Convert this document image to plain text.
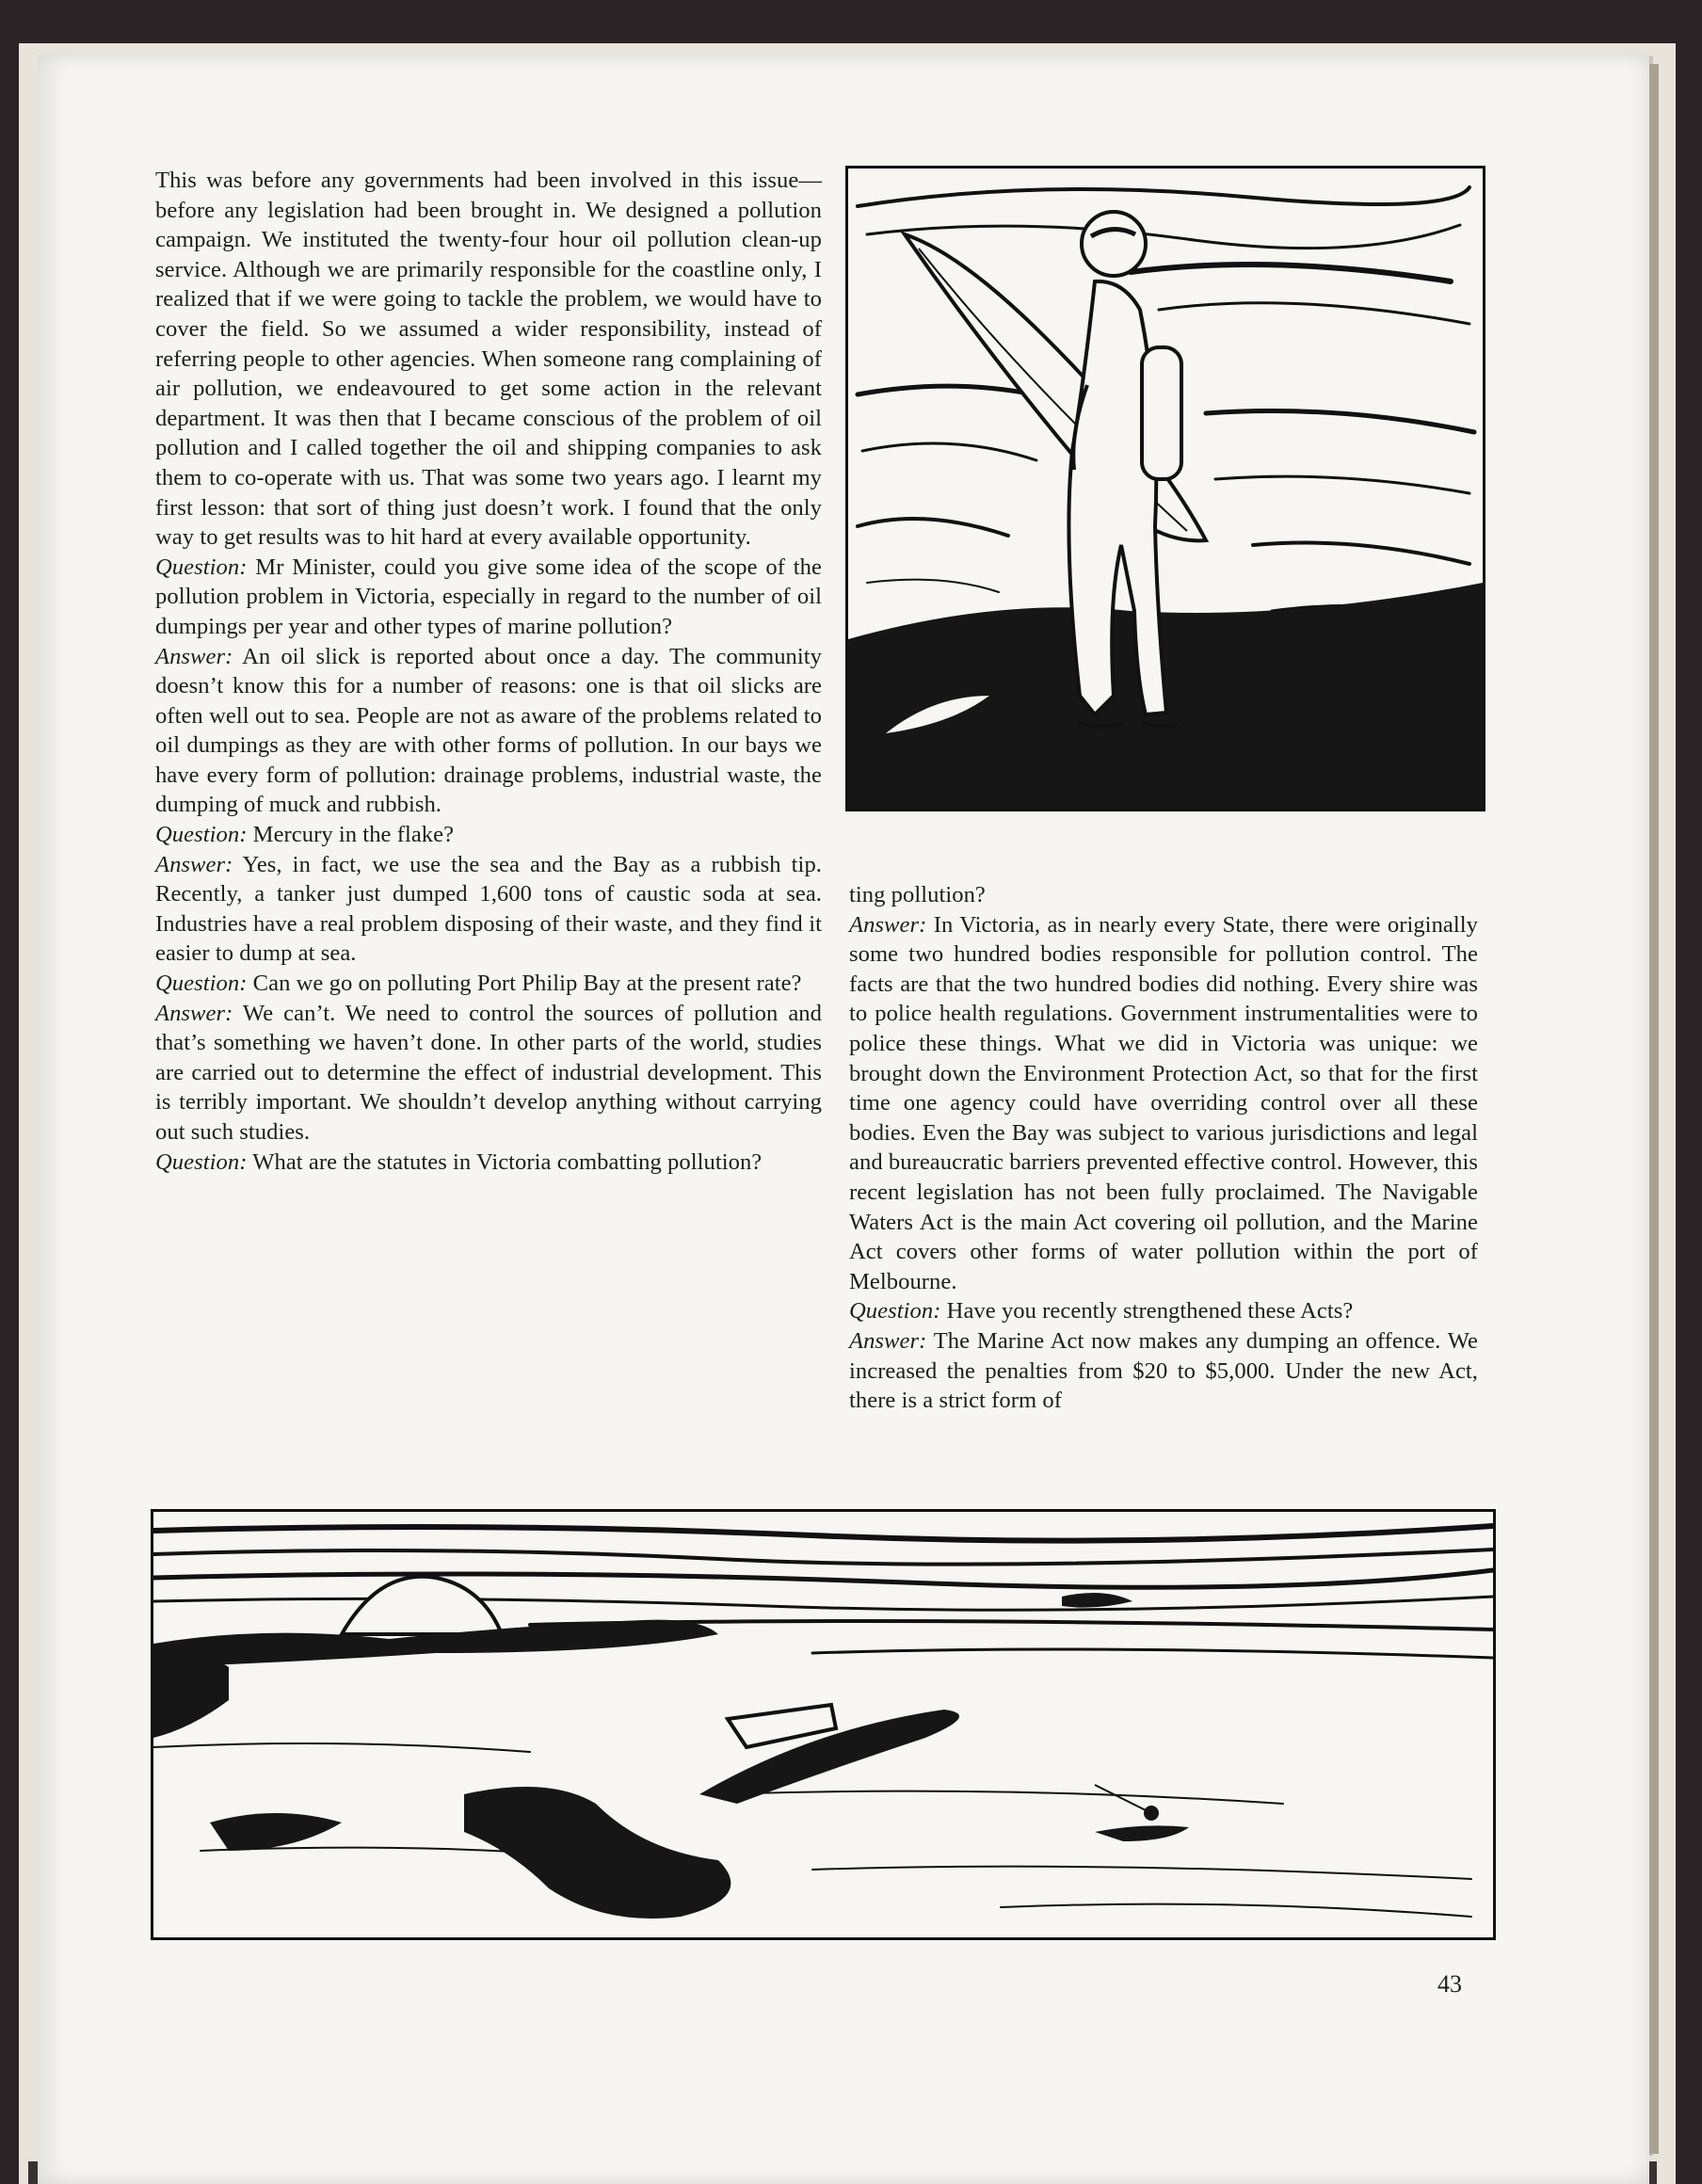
This was before any governments had been involved in this issue—before any legislation had been brought in. We designed a pollution campaign. We instituted the twenty-four hour oil pollution clean-up service. Although we are primarily responsible for the coastline only, I realized that if we were going to tackle the problem, we would have to cover the field. So we assumed a wider responsibility, instead of referring people to other agencies. When someone rang complaining of air pollution, we endeavoured to get some action in the relevant department. It was then that I became conscious of the problem of oil pollution and I called together the oil and shipping companies to ask them to co-operate with us. That was some two years ago. I learnt my first lesson: that sort of thing just doesn’t work. I found that the only way to get results was to hit hard at every available opportunity.

Question: Mr Minister, could you give some idea of the scope of the pollution problem in Victoria, especially in regard to the number of oil dumpings per year and other types of marine pollution?

Answer: An oil slick is reported about once a day. The community doesn’t know this for a number of reasons: one is that oil slicks are often well out to sea. People are not as aware of the problems related to oil dumpings as they are with other forms of pollution. In our bays we have every form of pollution: drainage problems, industrial waste, the dumping of muck and rubbish.

Question: Mercury in the flake?

Answer: Yes, in fact, we use the sea and the Bay as a rubbish tip. Recently, a tanker just dumped 1,600 tons of caustic soda at sea. Industries have a real problem disposing of their waste, and they find it easier to dump at sea.

Question: Can we go on polluting Port Philip Bay at the present rate?

Answer: We can’t. We need to control the sources of pollution and that’s something we haven’t done. In other parts of the world, studies are carried out to determine the effect of industrial development. This is terribly important. We shouldn’t develop anything without carrying out such studies.

Question: What are the statutes in Victoria combatting pollution?

ting pollution?

Answer: In Victoria, as in nearly every State, there were originally some two hundred bodies responsible for pollution control. The facts are that the two hundred bodies did nothing. Every shire was to police health regulations. Government instrumentalities were to police these things. What we did in Victoria was unique: we brought down the Environment Protection Act, so that for the first time one agency could have overriding control over all these bodies. Even the Bay was subject to various jurisdictions and legal and bureaucratic barriers prevented effective control. However, this recent legislation has not been fully proclaimed. The Navigable Waters Act is the main Act covering oil pollution, and the Marine Act covers other forms of water pollution within the port of Melbourne.

Question: Have you recently strengthened these Acts?

Answer: The Marine Act now makes any dumping an offence. We increased the penalties from $20 to $5,000. Under the new Act, there is a strict form of

43
